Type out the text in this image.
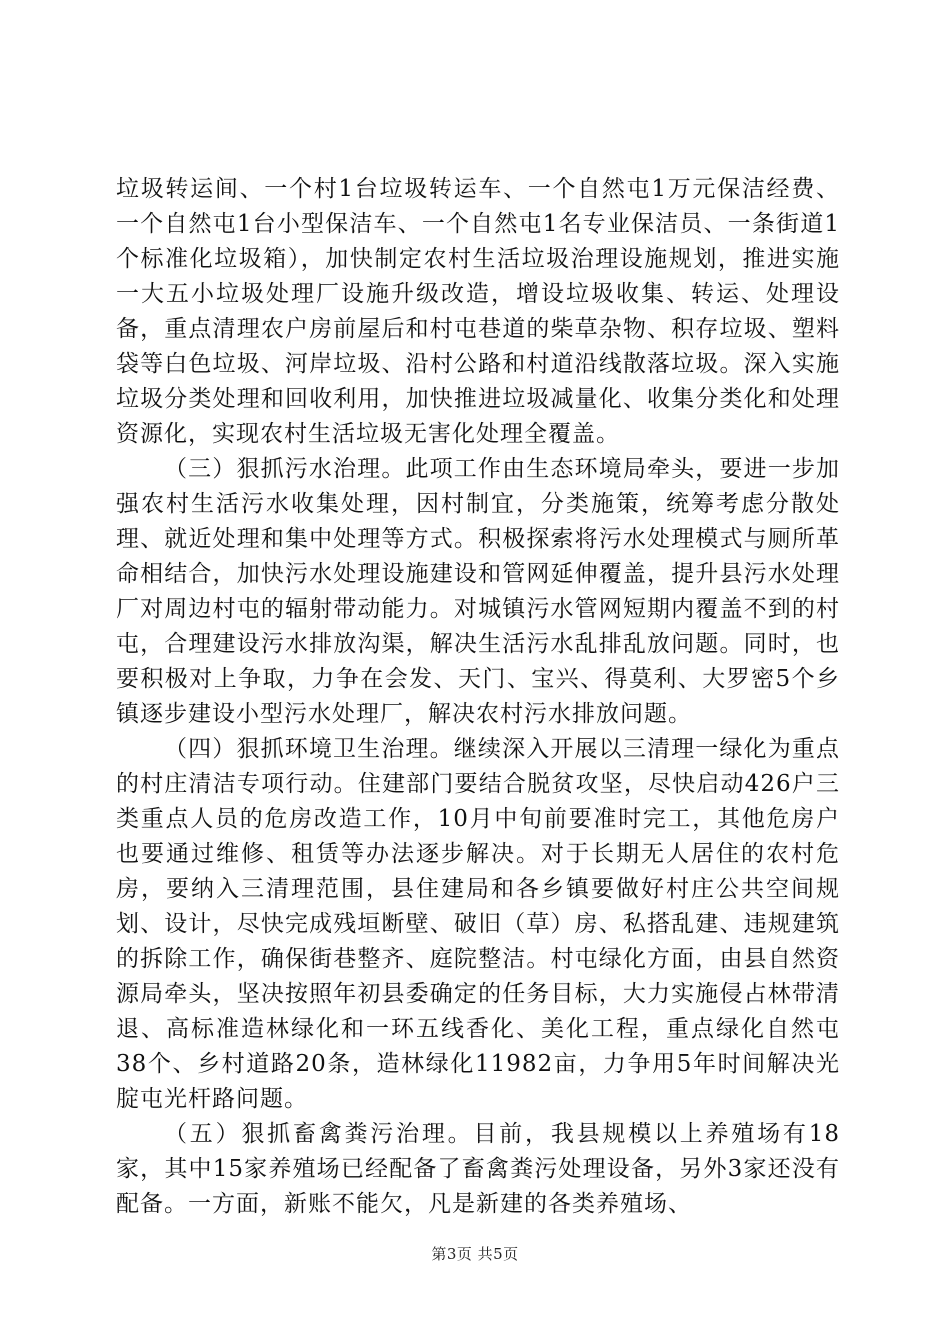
垃圾转运间、一个村1台垃圾转运车、一个自然屯1万元保洁经费、一个自然屯1台小型保洁车、一个自然屯1名专业保洁员、一条街道1个标准化垃圾箱），加快制定农村生活垃圾治理设施规划，推进实施一大五小垃圾处理厂设施升级改造，增设垃圾收集、转运、处理设备，重点清理农户房前屋后和村屯巷道的柴草杂物、积存垃圾、塑料袋等白色垃圾、河岸垃圾、沿村公路和村道沿线散落垃圾。深入实施垃圾分类处理和回收利用，加快推进垃圾减量化、收集分类化和处理资源化，实现农村生活垃圾无害化处理全覆盖。

（三）狠抓污水治理。此项工作由生态环境局牵头，要进一步加强农村生活污水收集处理，因村制宜，分类施策，统筹考虑分散处理、就近处理和集中处理等方式。积极探索将污水处理模式与厕所革命相结合，加快污水处理设施建设和管网延伸覆盖，提升县污水处理厂对周边村屯的辐射带动能力。对城镇污水管网短期内覆盖不到的村屯，合理建设污水排放沟渠，解决生活污水乱排乱放问题。同时，也要积极对上争取，力争在会发、天门、宝兴、得莫利、大罗密5个乡镇逐步建设小型污水处理厂，解决农村污水排放问题。

（四）狠抓环境卫生治理。继续深入开展以三清理一绿化为重点的村庄清洁专项行动。住建部门要结合脱贫攻坚，尽快启动426户三类重点人员的危房改造工作，10月中旬前要准时完工，其他危房户也要通过维修、租赁等办法逐步解决。对于长期无人居住的农村危房，要纳入三清理范围，县住建局和各乡镇要做好村庄公共空间规划、设计，尽快完成残垣断壁、破旧（草）房、私搭乱建、违规建筑的拆除工作，确保街巷整齐、庭院整洁。村屯绿化方面，由县自然资源局牵头，坚决按照年初县委确定的任务目标，大力实施侵占林带清退、高标准造林绿化和一环五线香化、美化工程，重点绿化自然屯38个、乡村道路20条，造林绿化11982亩，力争用5年时间解决光腚屯光杆路问题。

（五）狠抓畜禽粪污治理。目前，我县规模以上养殖场有18家，其中15家养殖场已经配备了畜禽粪污处理设备，另外3家还没有配备。一方面，新账不能欠，凡是新建的各类养殖场、

第3页 共5页
